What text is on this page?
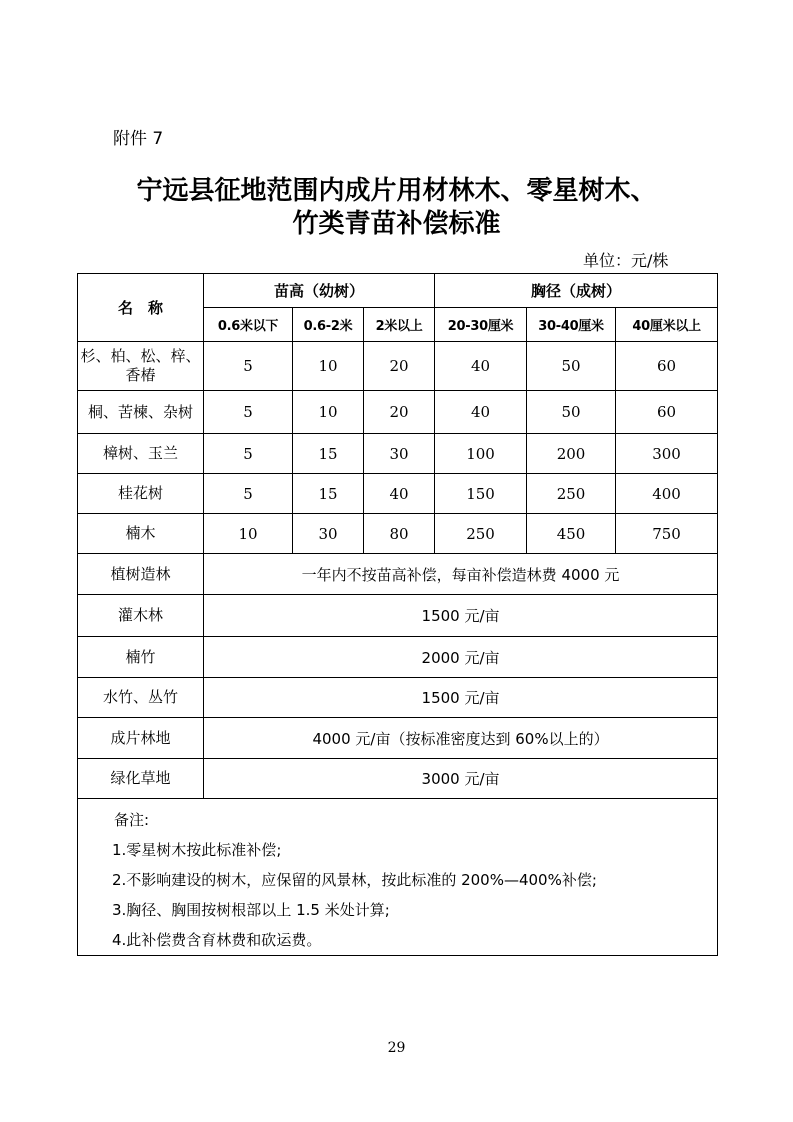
附件 7
宁远县征地范围内成片用材林木、零星树木、
竹类青苗补偿标准
单位：元/株
名　称	苗高（幼树）			胸径（成树）		
	0.6米以下	0.6-2米	2米以上	20-30厘米	30-40厘米	40厘米以上
杉、柏、松、梓、香椿	5	10	20	40	50	60
桐、苦楝、杂树	5	10	20	40	50	60
樟树、玉兰	5	15	30	100	200	300
桂花树	5	15	40	150	250	400
楠木	10	30	80	250	450	750
植树造林	一年内不按苗高补偿，每亩补偿造林费 4000 元					
灌木林	1500 元/亩					
楠竹	2000 元/亩					
水竹、丛竹	1500 元/亩					
成片林地	4000 元/亩（按标准密度达到 60%以上的）					
绿化草地	3000 元/亩					

备注:
1.零星树木按此标准补偿;
2.不影响建设的树木，应保留的风景林，按此标准的 200%—400%补偿;
3.胸径、胸围按树根部以上 1.5 米处计算;
4.此补偿费含育林费和砍运费。						
29
